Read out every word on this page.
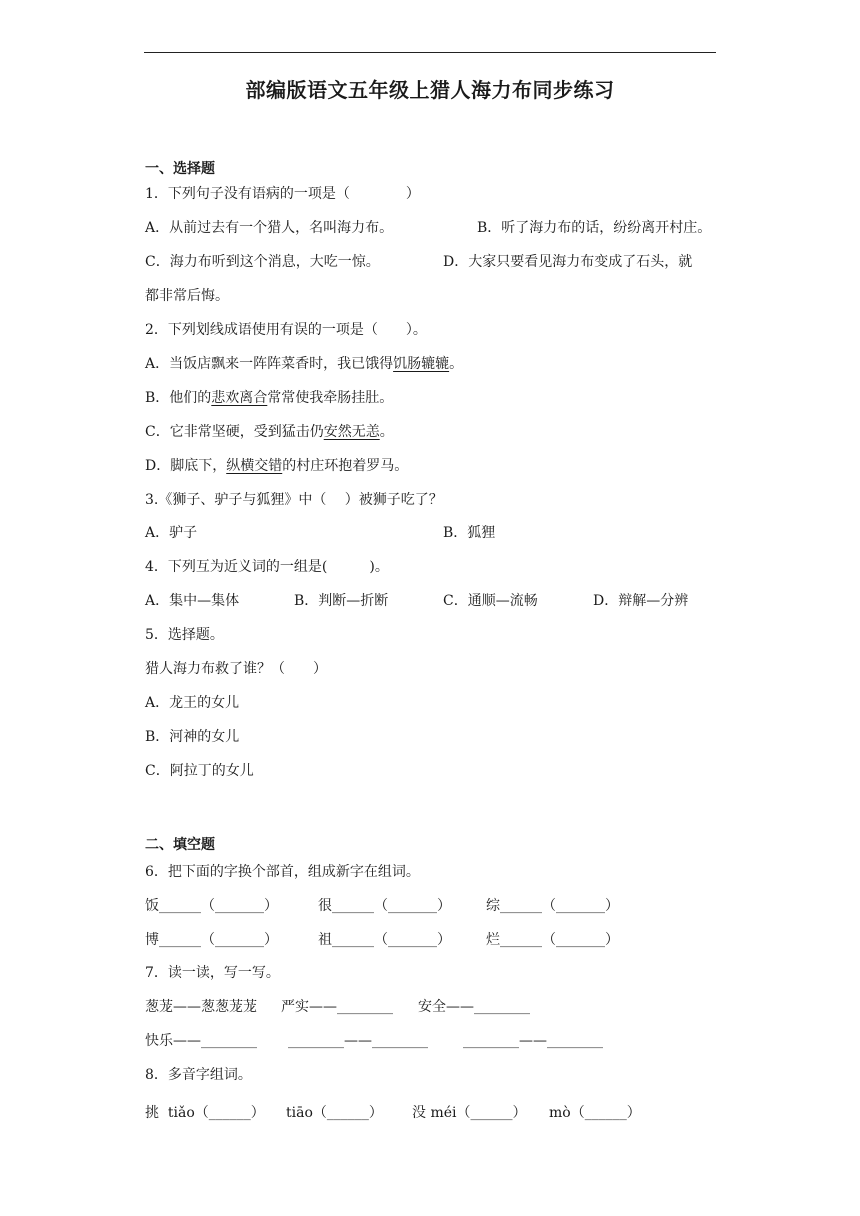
部编版语文五年级上猎人海力布同步练习
一、选择题
1．下列句子没有语病的一项是（　　　　）
A．从前过去有一个猎人，名叫海力布。	B．听了海力布的话，纷纷离开村庄。
C．海力布听到这个消息，大吃一惊。	D．大家只要看见海力布变成了石头，就
都非常后悔。
2．下列划线成语使用有误的一项是（　　）。
A．当饭店飘来一阵阵菜香时，我已饿得饥肠辘辘。
B．他们的悲欢离合常常使我牵肠挂肚。
C．它非常坚硬，受到猛击仍安然无恙。
D．脚底下，纵横交错的村庄环抱着罗马。
3.《狮子、驴子与狐狸》中（　 ）被狮子吃了？
A．驴子	B．狐狸
4．下列互为近义词的一组是(　　　)。
A．集中—集体	B．判断—折断	C．通顺—流畅	D．辩解—分辨
5．选择题。
猎人海力布救了谁？（　　）
A．龙王的女儿
B．河神的女儿
C．阿拉丁的女儿
二、填空题
6．把下面的字换个部首，组成新字在组词。
饭______（_______）	很______（_______）	综______（_______）
博______（_______）	祖______（_______）	烂______（_______）
7．读一读，写一写。
葱茏——葱葱茏茏 严实——________ 安全——________
快乐——________ ________——________	________——________
8．多音字组词。
挑  tiǎo（______） tiāo（______） 没 méi（______） mò（______）
